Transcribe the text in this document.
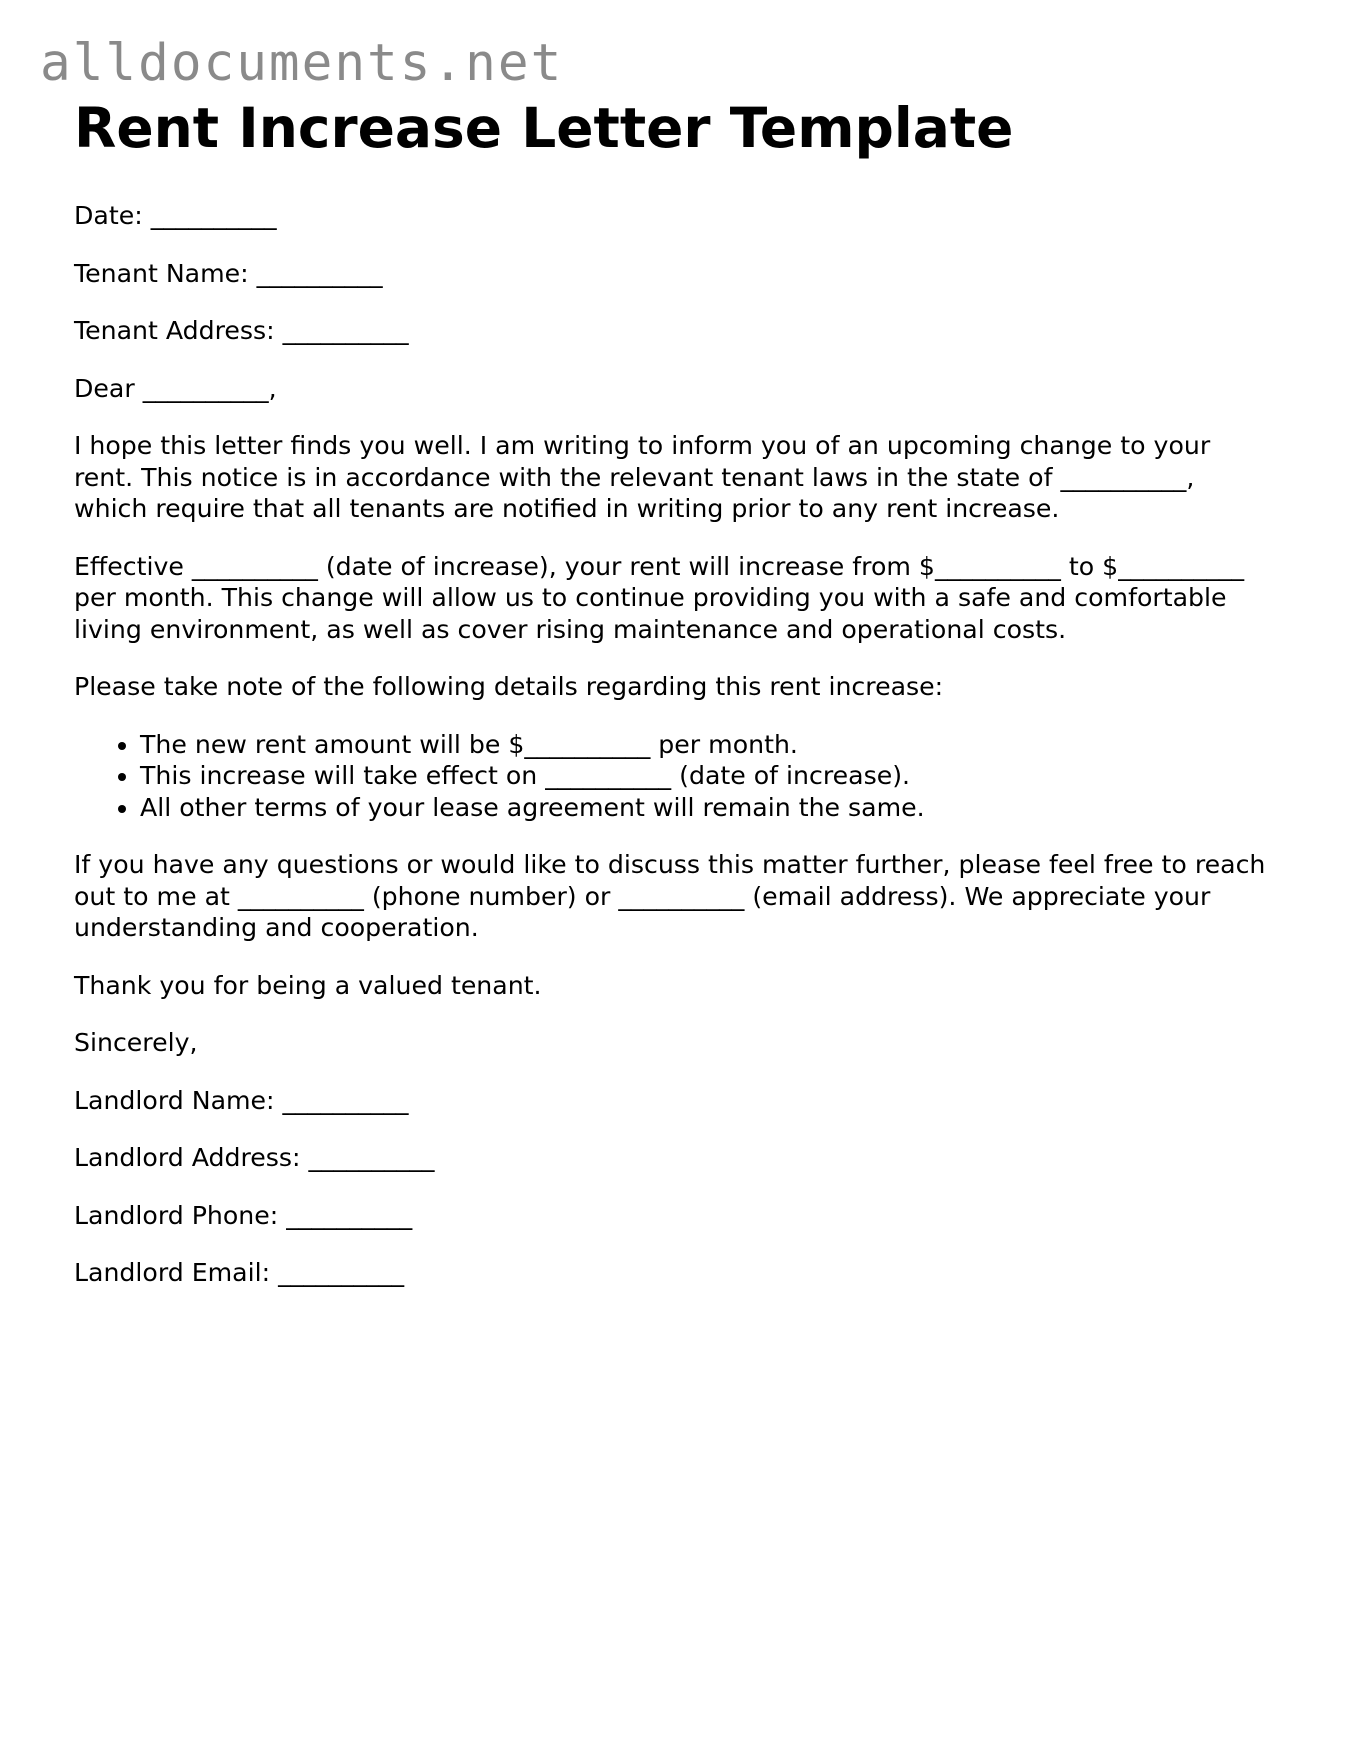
alldocuments.net
Rent Increase Letter Template

Date: __________

Tenant Name: __________

Tenant Address: __________

Dear __________,

I hope this letter finds you well. I am writing to inform you of an upcoming change to your rent. This notice is in accordance with the relevant tenant laws in the state of __________, which require that all tenants are notified in writing prior to any rent increase.

Effective __________ (date of increase), your rent will increase from $__________ to $__________ per month. This change will allow us to continue providing you with a safe and comfortable living environment, as well as cover rising maintenance and operational costs.

Please take note of the following details regarding this rent increase:

• The new rent amount will be $__________ per month.
• This increase will take effect on __________ (date of increase).
• All other terms of your lease agreement will remain the same.

If you have any questions or would like to discuss this matter further, please feel free to reach out to me at __________ (phone number) or __________ (email address). We appreciate your understanding and cooperation.

Thank you for being a valued tenant.

Sincerely,

Landlord Name: __________

Landlord Address: __________

Landlord Phone: __________

Landlord Email: __________
